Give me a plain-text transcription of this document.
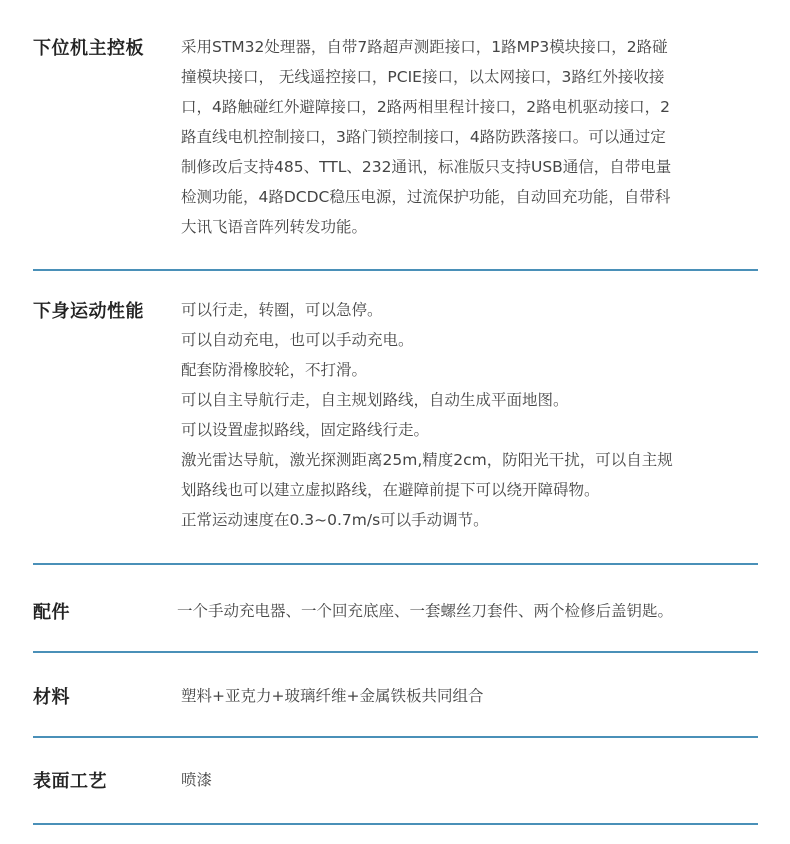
下位机主控板 采用STM32处理器，自带7路超声测距接口，1路MP3模块接口，2路碰
撞模块接口， 无线遥控接口，PCIE接口，以太网接口，3路红外接收接
口，4路触碰红外避障接口，2路两相里程计接口，2路电机驱动接口，2
路直线电机控制接口，3路门锁控制接口，4路防跌落接口。可以通过定
制修改后支持485、TTL、232通讯，标准版只支持USB通信，自带电量
检测功能，4路DCDC稳压电源，过流保护功能，自动回充功能，自带科
大讯飞语音阵列转发功能。

下身运动性能 可以行走，转圈，可以急停。
可以自动充电，也可以手动充电。
配套防滑橡胶轮，不打滑。
可以自主导航行走，自主规划路线，自动生成平面地图。
可以设置虚拟路线，固定路线行走。
激光雷达导航，激光探测距离25m,精度2cm，防阳光干扰，可以自主规
划路线也可以建立虚拟路线，在避障前提下可以绕开障碍物。
正常运动速度在0.3~0.7m/s可以手动调节。

配件	一个手动充电器、一个回充底座、一套螺丝刀套件、两个检修后盖钥匙。

材料	塑料+亚克力+玻璃纤维+金属铁板共同组合

表面工艺	喷漆
